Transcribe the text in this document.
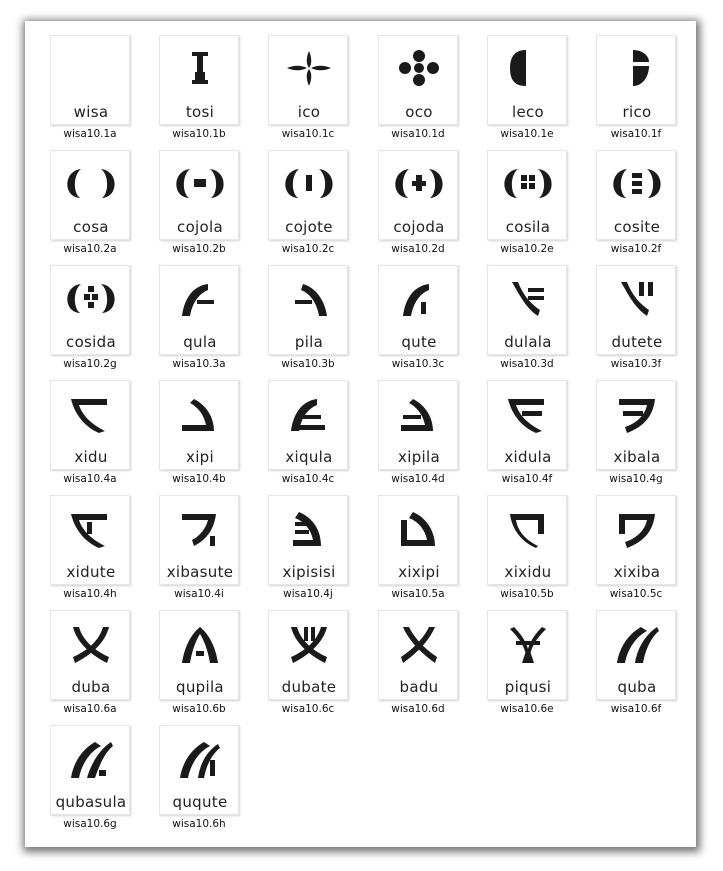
wisa
wisa10.1a
tosi
wisa10.1b
ico
wisa10.1c
oco
wisa10.1d
leco
wisa10.1e
rico
wisa10.1f
cosa
wisa10.2a
cojola
wisa10.2b
cojote
wisa10.2c
cojoda
wisa10.2d
cosila
wisa10.2e
cosite
wisa10.2f
cosida
wisa10.2g
qula
wisa10.3a
pila
wisa10.3b
qute
wisa10.3c
dulala
wisa10.3d
dutete
wisa10.3f
xidu
wisa10.4a
xipi
wisa10.4b
xiqula
wisa10.4c
xipila
wisa10.4d
xidula
wisa10.4f
xibala
wisa10.4g
xidute
wisa10.4h
xibasute
wisa10.4i
xipisisi
wisa10.4j
xixipi
wisa10.5a
xixidu
wisa10.5b
xixiba
wisa10.5c
duba
wisa10.6a
qupila
wisa10.6b
dubate
wisa10.6c
badu
wisa10.6d
piqusi
wisa10.6e
quba
wisa10.6f
qubasula
wisa10.6g
ququte
wisa10.6h
